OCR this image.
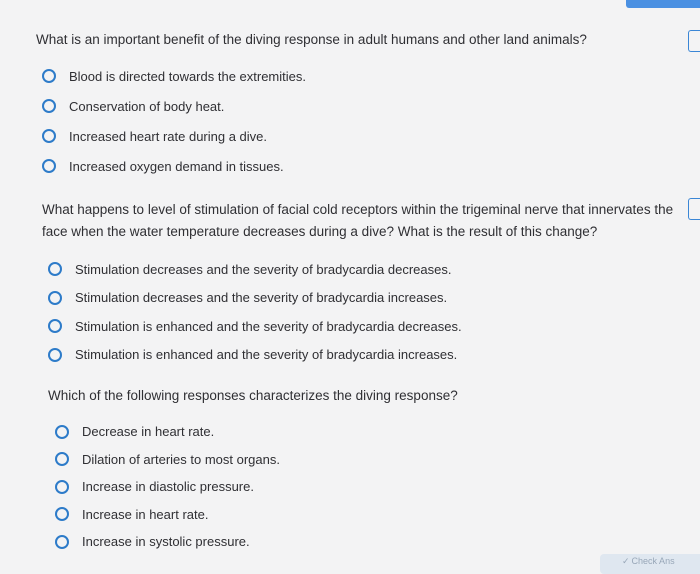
What is an important benefit of the diving response in adult humans and other land animals?

Blood is directed towards the extremities.
Conservation of body heat.
Increased heart rate during a dive.
Increased oxygen demand in tissues.

What happens to level of stimulation of facial cold receptors within the trigeminal nerve that innervates the

face when the water temperature decreases during a dive? What is the result of this change?

Stimulation decreases and the severity of bradycardia decreases.
Stimulation decreases and the severity of bradycardia increases.
Stimulation is enhanced and the severity of bradycardia decreases.
Stimulation is enhanced and the severity of bradycardia increases.

Which of the following responses characterizes the diving response?

Decrease in heart rate.
Dilation of arteries to most organs.
Increase in diastolic pressure.
Increase in heart rate.
Increase in systolic pressure.
✓ Check Ans
